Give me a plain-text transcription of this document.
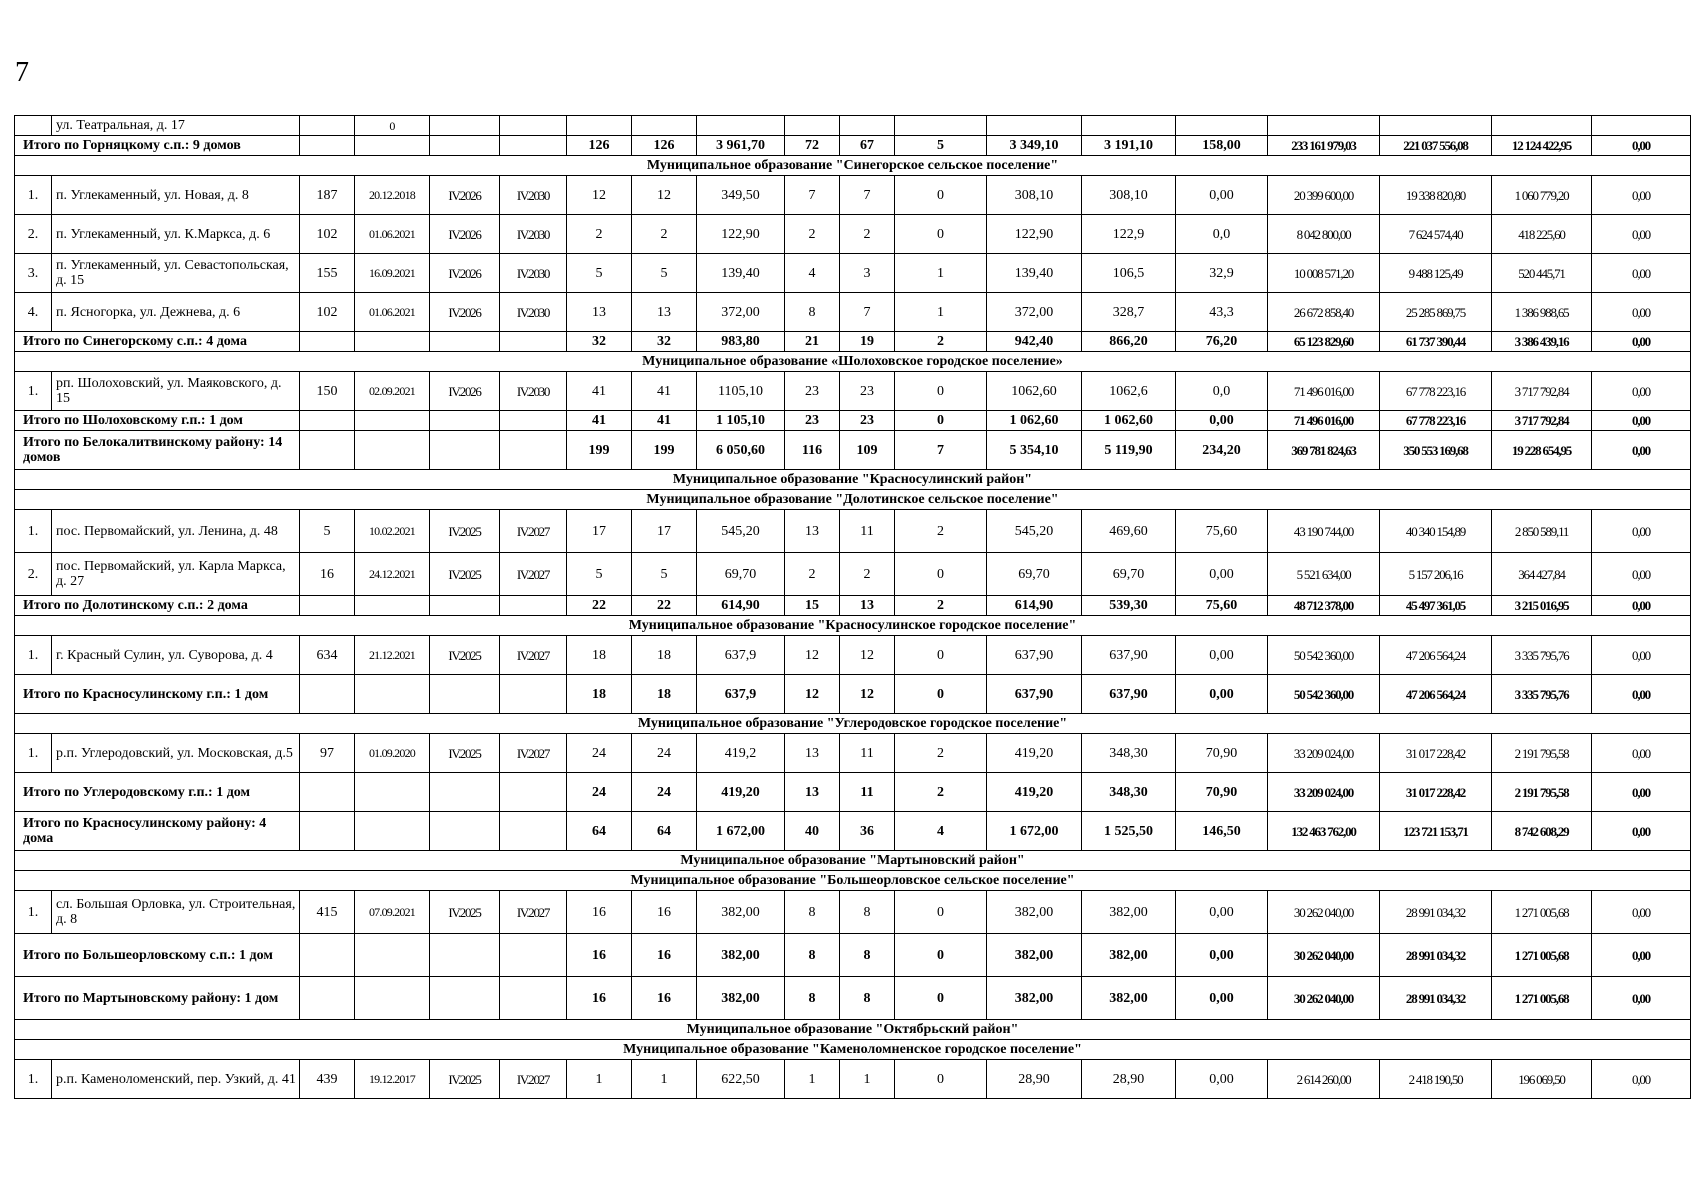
7
	ул. Театральная, д. 17		0															
Итого по Горняцкому с.п.: 9 домов						126	126	3 961,70	72	67	5	3 349,10	3 191,10	158,00	233 161 979,03	221 037 556,08	12 124 422,95	0,00
Муниципальное образование "Синегорское сельское поселение"																		
1.	п. Углекаменный, ул. Новая, д. 8	187	20.12.2018	IV.2026	IV.2030	12	12	349,50	7	7	0	308,10	308,10	0,00	20 399 600,00	19 338 820,80	1 060 779,20	0,00
2.	п. Углекаменный, ул. К.Маркса, д. 6	102	01.06.2021	IV.2026	IV.2030	2	2	122,90	2	2	0	122,90	122,9	0,0	8 042 800,00	7 624 574,40	418 225,60	0,00
3.	п. Углекаменный, ул. Севастопольская, д. 15	155	16.09.2021	IV.2026	IV.2030	5	5	139,40	4	3	1	139,40	106,5	32,9	10 008 571,20	9 488 125,49	520 445,71	0,00
4.	п. Ясногорка, ул. Дежнева, д. 6	102	01.06.2021	IV.2026	IV.2030	13	13	372,00	8	7	1	372,00	328,7	43,3	26 672 858,40	25 285 869,75	1 386 988,65	0,00
Итого по Синегорскому с.п.: 4 дома						32	32	983,80	21	19	2	942,40	866,20	76,20	65 123 829,60	61 737 390,44	3 386 439,16	0,00
Муниципальное образование «Шолоховское городское поселение»																		
1.	рп. Шолоховский, ул. Маяковского, д. 15	150	02.09.2021	IV.2026	IV.2030	41	41	1105,10	23	23	0	1062,60	1062,6	0,0	71 496 016,00	67 778 223,16	3 717 792,84	0,00
Итого по Шолоховскому г.п.: 1 дом						41	41	1 105,10	23	23	0	1 062,60	1 062,60	0,00	71 496 016,00	67 778 223,16	3 717 792,84	0,00
Итого по Белокалитвинскому району: 14 домов						199	199	6 050,60	116	109	7	5 354,10	5 119,90	234,20	369 781 824,63	350 553 169,68	19 228 654,95	0,00
Муниципальное образование "Красносулинский район"																		
Муниципальное образование "Долотинское сельское поселение"																		
1.	пос. Первомайский, ул. Ленина, д. 48	5	10.02.2021	IV.2025	IV.2027	17	17	545,20	13	11	2	545,20	469,60	75,60	43 190 744,00	40 340 154,89	2 850 589,11	0,00
2.	пос. Первомайский, ул. Карла Маркса, д. 27	16	24.12.2021	IV.2025	IV.2027	5	5	69,70	2	2	0	69,70	69,70	0,00	5 521 634,00	5 157 206,16	364 427,84	0,00
Итого по Долотинскому с.п.: 2 дома						22	22	614,90	15	13	2	614,90	539,30	75,60	48 712 378,00	45 497 361,05	3 215 016,95	0,00
Муниципальное образование "Красносулинское городское поселение"																		
1.	г. Красный Сулин, ул. Суворова, д. 4	634	21.12.2021	IV.2025	IV.2027	18	18	637,9	12	12	0	637,90	637,90	0,00	50 542 360,00	47 206 564,24	3 335 795,76	0,00
Итого по Красносулинскому г.п.: 1 дом						18	18	637,9	12	12	0	637,90	637,90	0,00	50 542 360,00	47 206 564,24	3 335 795,76	0,00
Муниципальное образование "Углеродовское городское поселение"																		
1.	р.п. Углеродовский, ул. Московская, д.5	97	01.09.2020	IV.2025	IV.2027	24	24	419,2	13	11	2	419,20	348,30	70,90	33 209 024,00	31 017 228,42	2 191 795,58	0,00
Итого по Углеродовскому г.п.: 1 дом						24	24	419,20	13	11	2	419,20	348,30	70,90	33 209 024,00	31 017 228,42	2 191 795,58	0,00
Итого по Красносулинскому району: 4 дома						64	64	1 672,00	40	36	4	1 672,00	1 525,50	146,50	132 463 762,00	123 721 153,71	8 742 608,29	0,00
Муниципальное образование "Мартыновский район"																		
Муниципальное образование "Большеорловское сельское поселение"																		
1.	сл. Большая Орловка, ул. Строительная, д. 8	415	07.09.2021	IV.2025	IV.2027	16	16	382,00	8	8	0	382,00	382,00	0,00	30 262 040,00	28 991 034,32	1 271 005,68	0,00
Итого по Большеорловскому с.п.: 1 дом						16	16	382,00	8	8	0	382,00	382,00	0,00	30 262 040,00	28 991 034,32	1 271 005,68	0,00
Итого по Мартыновскому району: 1 дом						16	16	382,00	8	8	0	382,00	382,00	0,00	30 262 040,00	28 991 034,32	1 271 005,68	0,00
Муниципальное образование "Октябрьский район"																		
Муниципальное образование "Каменоломненское городское поселение"																		
1.	р.п. Каменоломенский, пер. Узкий, д. 41	439	19.12.2017	IV.2025	IV.2027	1	1	622,50	1	1	0	28,90	28,90	0,00	2 614 260,00	2 418 190,50	196 069,50	0,00
